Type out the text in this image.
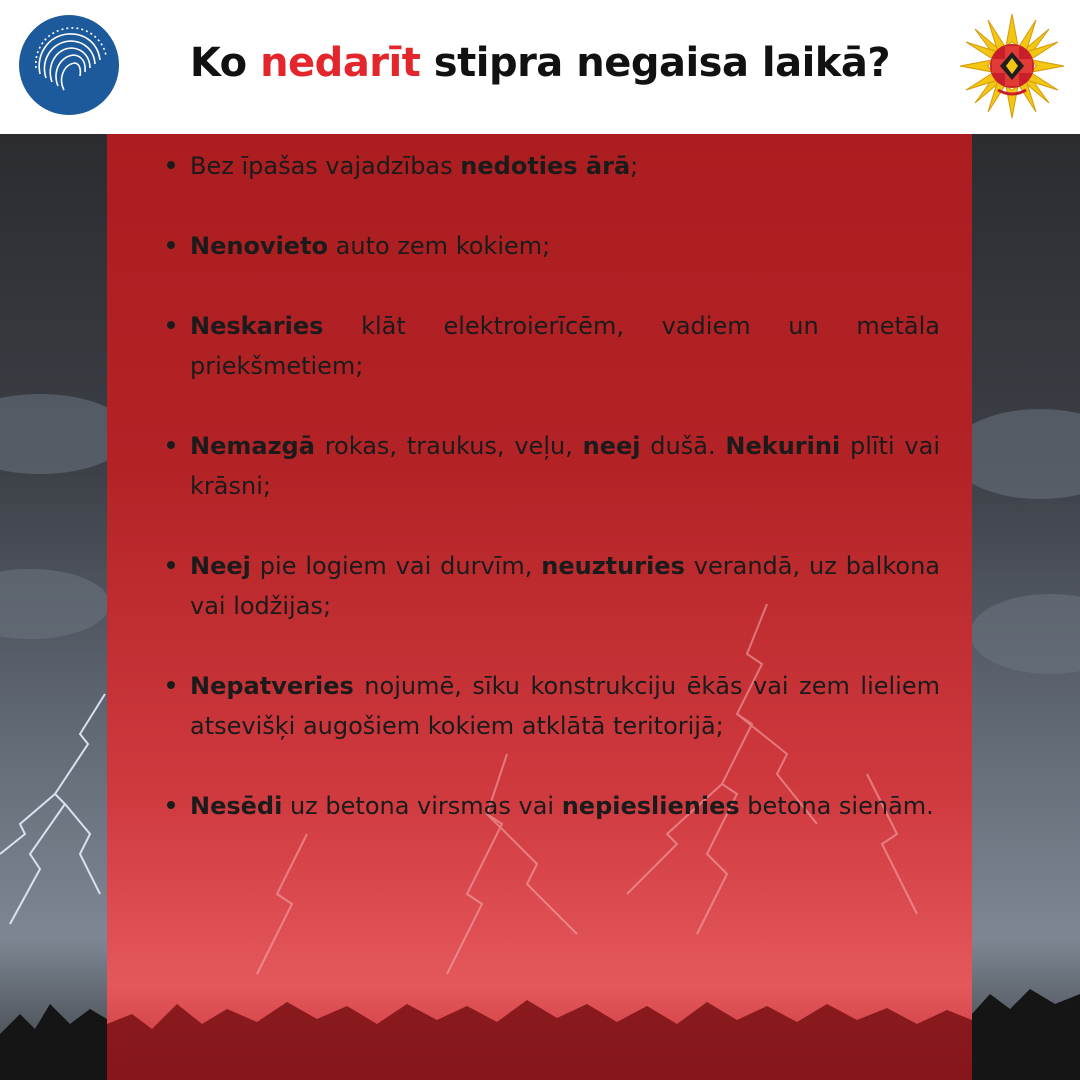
Ko nedarīt stipra negaisa laikā?
Bez īpašas vajadzības nedoties ārā;
Nenovieto auto zem kokiem;
Neskaries klāt elektroierīcēm, vadiem un metāla priekšmetiem;
Nemazgā rokas, traukus, veļu, neej dušā. Nekurini plīti vai krāsni;
Neej pie logiem vai durvīm, neuzturies verandā, uz balkona vai lodžijas;
Nepatveries nojumē, sīku konstrukciju ēkās vai zem lieliem atsevišķi augošiem kokiem atklātā teritorijā;
Nesēdi uz betona virsmas vai nepieslienies betona sienām.
